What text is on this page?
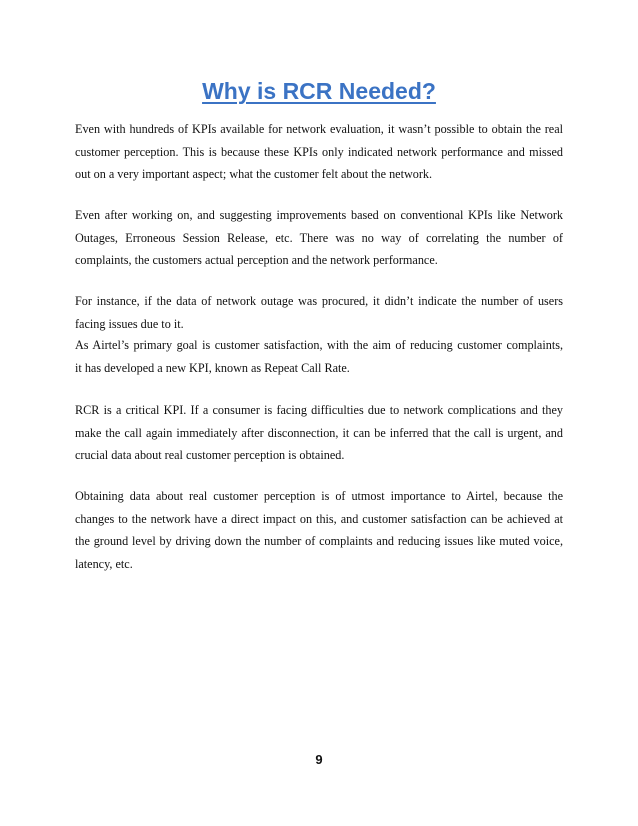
Why is RCR Needed?
Even with hundreds of KPIs available for network evaluation, it wasn’t possible to obtain the real
customer perception. This is because these KPIs only indicated network performance and missed
out on a very important aspect; what the customer felt about the network.
Even after working on, and suggesting improvements based on conventional KPIs like Network
Outages, Erroneous Session Release, etc. There was no way of correlating the number of
complaints, the customers actual perception and the network performance.
For instance, if the data of network outage was procured, it didn’t indicate the number of users
facing issues due to it.
As Airtel’s primary goal is customer satisfaction, with the aim of reducing customer complaints,
it has developed a new KPI, known as Repeat Call Rate.
RCR is a critical KPI. If a consumer is facing difficulties due to network complications and they
make the call again immediately after disconnection, it can be inferred that the call is urgent, and
crucial data about real customer perception is obtained.
Obtaining data about real customer perception is of utmost importance to Airtel, because the
changes to the network have a direct impact on this, and customer satisfaction can be achieved at
the ground level by driving down the number of complaints and reducing issues like muted voice,
latency, etc.
9
